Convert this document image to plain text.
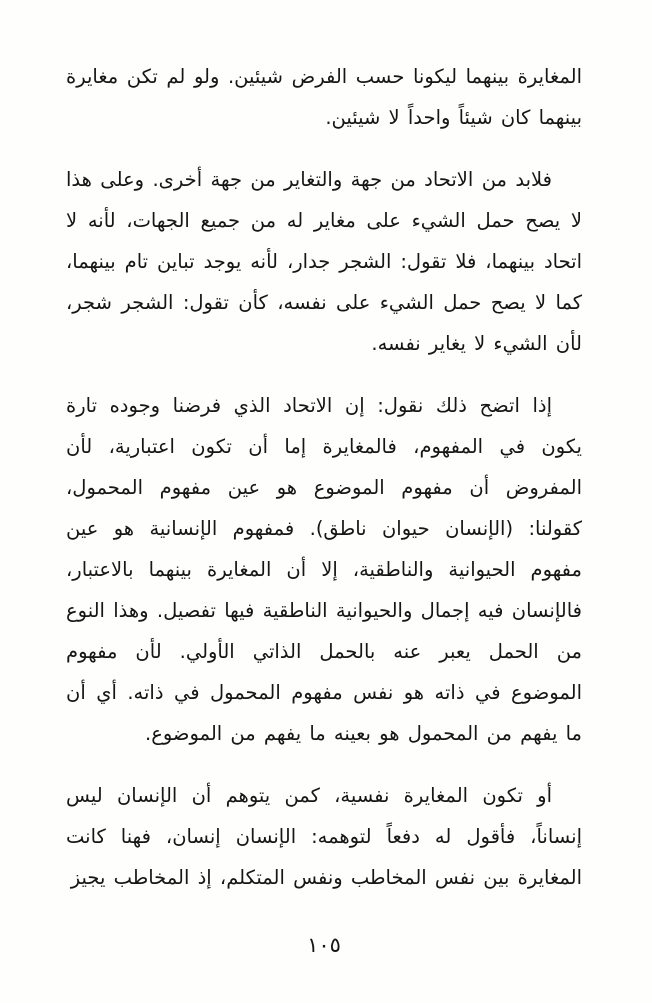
المغايرة بينهما ليكونا حسب الفرض شيئين. ولو لم تكن مغايرة بينهما كان شيئاً واحداً لا شيئين.

فلابد من الاتحاد من جهة والتغاير من جهة أخرى. وعلى هذا لا يصح حمل الشيء على مغاير له من جميع الجهات، لأنه لا اتحاد بينهما، فلا تقول: الشجر جدار، لأنه يوجد تباين تام بينهما، كما لا يصح حمل الشيء على نفسه، كأن تقول: الشجر شجر، لأن الشيء لا يغاير نفسه.

إذا اتضح ذلك نقول: إن الاتحاد الذي فرضنا وجوده تارة يكون في المفهوم، فالمغايرة إما أن تكون اعتبارية، لأن المفروض أن مفهوم الموضوع هو عين مفهوم المحمول، كقولنا: (الإنسان حيوان ناطق). فمفهوم الإنسانية هو عين مفهوم الحيوانية والناطقية، إلا أن المغايرة بينهما بالاعتبار، فالإنسان فيه إجمال والحيوانية الناطقية فيها تفصيل. وهذا النوع من الحمل يعبر عنه بالحمل الذاتي الأولي. لأن مفهوم الموضوع في ذاته هو نفس مفهوم المحمول في ذاته. أي أن ما يفهم من المحمول هو بعينه ما يفهم من الموضوع.

أو تكون المغايرة نفسية، كمن يتوهم أن الإنسان ليس إنساناً، فأقول له دفعاً لتوهمه: الإنسان إنسان، فهنا كانت المغايرة بين نفس المخاطب ونفس المتكلم، إذ المخاطب يجيز

١٠٥
